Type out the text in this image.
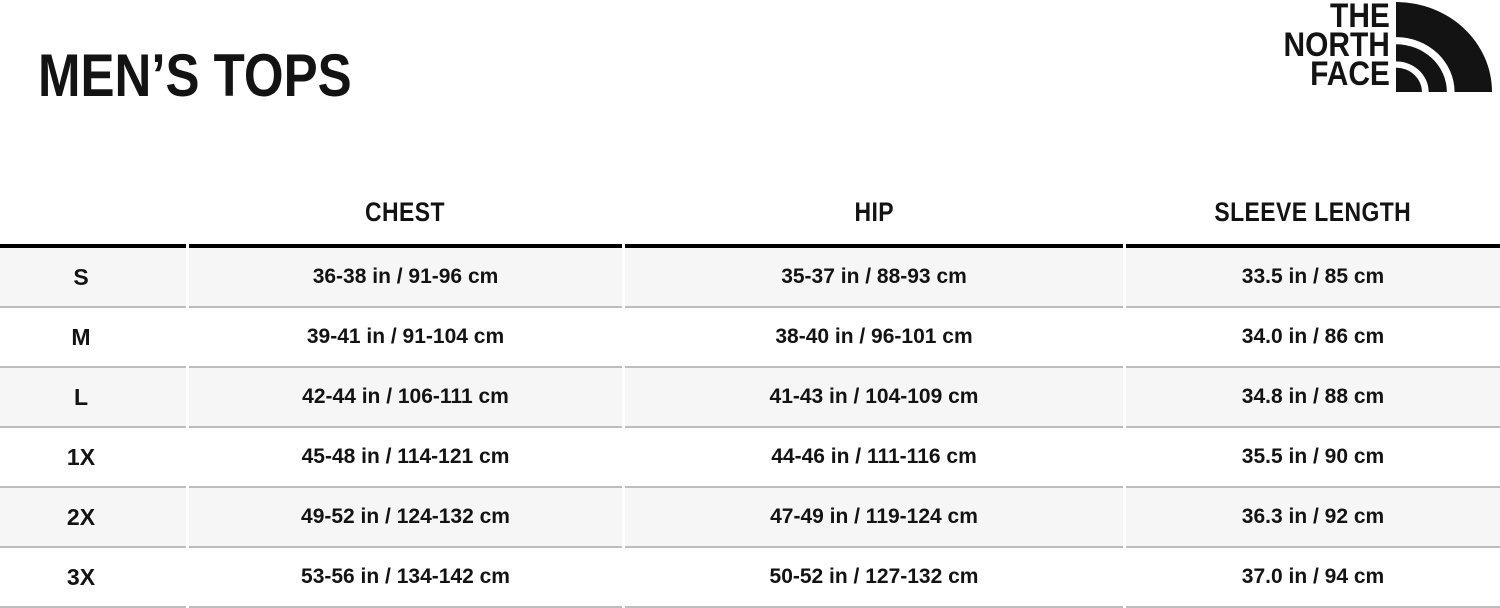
MEN’S TOPS
THE
NORTH
FACE
	CHEST	HIP	SLEEVE LENGTH
S	36-38 in / 91-96 cm	35-37 in / 88-93 cm	33.5 in / 85 cm
M	39-41 in / 91-104 cm	38-40 in / 96-101 cm	34.0 in / 86 cm
L	42-44 in / 106-111 cm	41-43 in / 104-109 cm	34.8 in / 88 cm
1X	45-48 in / 114-121 cm	44-46 in / 111-116 cm	35.5 in / 90 cm
2X	49-52 in / 124-132 cm	47-49 in / 119-124 cm	36.3 in / 92 cm
3X	53-56 in / 134-142 cm	50-52 in / 127-132 cm	37.0 in / 94 cm
